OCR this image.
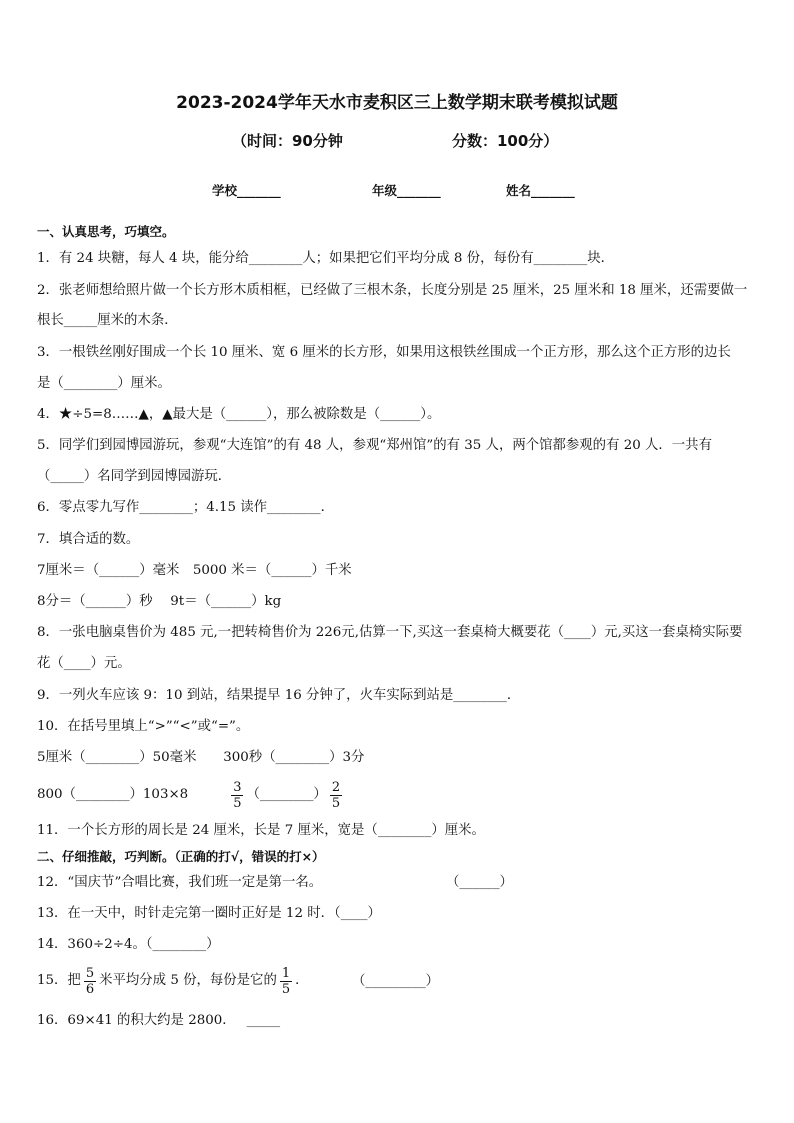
2023-2024学年天水市麦积区三上数学期末联考模拟试题
（时间：90分钟	分数：100分）
学校_______	年级_______	姓名_______
一、认真思考，巧填空。
1．有 24 块糖，每人 4 块，能分给________人；如果把它们平均分成 8 份，每份有________块．
2．张老师想给照片做一个长方形木质相框，已经做了三根木条，长度分别是 25 厘米，25 厘米和 18 厘米，还需要做一
根长_____厘米的木条．
3．一根铁丝刚好围成一个长 10 厘米、宽 6 厘米的长方形，如果用这根铁丝围成一个正方形，那么这个正方形的边长
是（________）厘米。
4．★÷5=8……▲，▲最大是（______），那么被除数是（______）。
5．同学们到园博园游玩，参观“大连馆”的有 48 人，参观“郑州馆”的有 35 人，两个馆都参观的有 20 人．一共有
（_____）名同学到园博园游玩．
6．零点零九写作________；4.15 读作________．
7．填合适的数。
7厘米＝（______）毫米　5000 米＝（______）千米
8分＝（______）秒　 9t＝（______）kg
8．一张电脑桌售价为 485 元,一把转椅售价为 226元,估算一下,买这一套桌椅大概要花（____）元,买这一套桌椅实际要
花（____）元。
9．一列火车应该 9：10 到站，结果提早 16 分钟了，火车实际到站是________．
10．在括号里填上“>”“<”或“=”。
5厘米（________）50毫米　　300秒（________）3分
800（________）103×8	$\frac{3}{5}$ （________） $\frac{2}{5}$
11．一个长方形的周长是 24 厘米，长是 7 厘米，宽是（________）厘米。
二、仔细推敲，巧判断。（正确的打√，错误的打×）
12．“国庆节”合唱比赛，我们班一定是第一名。	（______）
13．在一天中，时针走完第一圈时正好是 12 时．（____）
14．360÷2÷4。（________）
15．把 $\frac{5}{6}$ 米平均分成 5 份，每份是它的 $\frac{1}{5}$ ．	（_________）
16．69×41 的积大约是 2800．　 _____
